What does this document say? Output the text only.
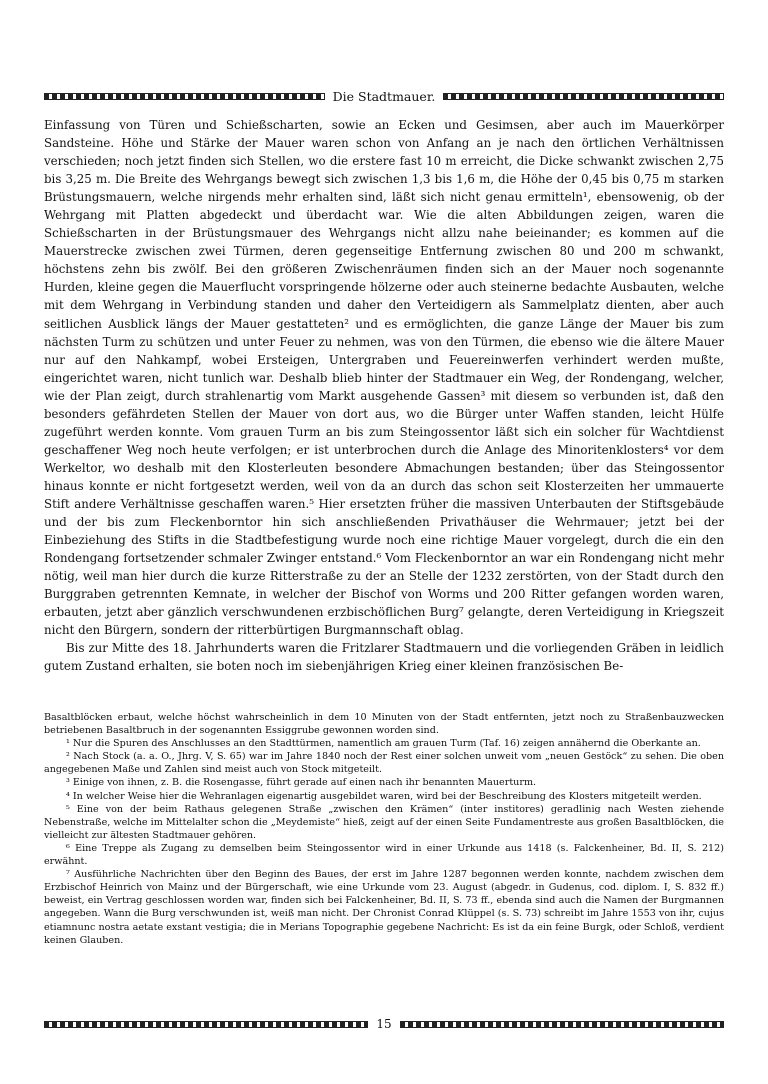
Die Stadtmauer.

Einfassung von Türen und Schießscharten, sowie an Ecken und Gesimsen, aber auch im Mauerkörper Sandsteine. Höhe und Stärke der Mauer waren schon von Anfang an je nach den örtlichen Verhältnissen verschieden; noch jetzt finden sich Stellen, wo die erstere fast 10 m erreicht, die Dicke schwankt zwischen 2,75 bis 3,25 m. Die Breite des Wehrgangs bewegt sich zwischen 1,3 bis 1,6 m, die Höhe der 0,45 bis 0,75 m starken Brüstungsmauern, welche nirgends mehr erhalten sind, läßt sich nicht genau ermitteln¹, ebensowenig, ob der Wehrgang mit Platten abgedeckt und überdacht war. Wie die alten Abbildungen zeigen, waren die Schießscharten in der Brüstungsmauer des Wehrgangs nicht allzu nahe beieinander; es kommen auf die Mauerstrecke zwischen zwei Türmen, deren gegenseitige Entfernung zwischen 80 und 200 m schwankt, höchstens zehn bis zwölf. Bei den größeren Zwischenräumen finden sich an der Mauer noch sogenannte Hurden, kleine gegen die Mauerflucht vorspringende hölzerne oder auch steinerne bedachte Ausbauten, welche mit dem Wehrgang in Verbindung standen und daher den Verteidigern als Sammelplatz dienten, aber auch seitlichen Ausblick längs der Mauer gestatteten² und es ermöglichten, die ganze Länge der Mauer bis zum nächsten Turm zu schützen und unter Feuer zu nehmen, was von den Türmen, die ebenso wie die ältere Mauer nur auf den Nahkampf, wobei Ersteigen, Untergraben und Feuereinwerfen verhindert werden mußte, eingerichtet waren, nicht tunlich war. Deshalb blieb hinter der Stadtmauer ein Weg, der Rondengang, welcher, wie der Plan zeigt, durch strahlenartig vom Markt ausgehende Gassen³ mit diesem so verbunden ist, daß den besonders gefährdeten Stellen der Mauer von dort aus, wo die Bürger unter Waffen standen, leicht Hülfe zugeführt werden konnte. Vom grauen Turm an bis zum Steingossentor läßt sich ein solcher für Wachtdienst geschaffener Weg noch heute verfolgen; er ist unterbrochen durch die Anlage des Minoritenklosters⁴ vor dem Werkeltor, wo deshalb mit den Klosterleuten besondere Abmachungen bestanden; über das Steingossentor hinaus konnte er nicht fortgesetzt werden, weil von da an durch das schon seit Klosterzeiten her ummauerte Stift andere Verhältnisse geschaffen waren.⁵ Hier ersetzten früher die massiven Unterbauten der Stiftsgebäude und der bis zum Fleckenborntor hin sich anschließenden Privathäuser die Wehrmauer; jetzt bei der Einbeziehung des Stifts in die Stadtbefestigung wurde noch eine richtige Mauer vorgelegt, durch die ein den Rondengang fortsetzender schmaler Zwinger entstand.⁶ Vom Fleckenborntor an war ein Rondengang nicht mehr nötig, weil man hier durch die kurze Ritterstraße zu der an Stelle der 1232 zerstörten, von der Stadt durch den Burggraben getrennten Kemnate, in welcher der Bischof von Worms und 200 Ritter gefangen worden waren, erbauten, jetzt aber gänzlich verschwundenen erzbischöflichen Burg⁷ gelangte, deren Verteidigung in Kriegszeit nicht den Bürgern, sondern der ritterbürtigen Burgmannschaft oblag.

Bis zur Mitte des 18. Jahrhunderts waren die Fritzlarer Stadtmauern und die vorliegenden Gräben in leidlich gutem Zustand erhalten, sie boten noch im siebenjährigen Krieg einer kleinen französischen Be-

Basaltblöcken erbaut, welche höchst wahrscheinlich in dem 10 Minuten von der Stadt entfernten, jetzt noch zu Straßenbauzwecken betriebenen Basaltbruch in der sogenannten Essiggrube gewonnen worden sind.

¹ Nur die Spuren des Anschlusses an den Stadttürmen, namentlich am grauen Turm (Taf. 16) zeigen annähernd die Oberkante an.

² Nach Stock (a. a. O., Jhrg. V, S. 65) war im Jahre 1840 noch der Rest einer solchen unweit vom „neuen Gestöck“ zu sehen. Die oben angegebenen Maße und Zahlen sind meist auch von Stock mitgeteilt.

³ Einige von ihnen, z. B. die Rosengasse, führt gerade auf einen nach ihr benannten Mauerturm.

⁴ In welcher Weise hier die Wehranlagen eigenartig ausgebildet waren, wird bei der Beschreibung des Klosters mitgeteilt werden.

⁵ Eine von der beim Rathaus gelegenen Straße „zwischen den Krämen“ (inter institores) geradlinig nach Westen ziehende Nebenstraße, welche im Mittelalter schon die „Meydemiste“ hieß, zeigt auf der einen Seite Fundamentreste aus großen Basaltblöcken, die vielleicht zur ältesten Stadtmauer gehören.

⁶ Eine Treppe als Zugang zu demselben beim Steingossentor wird in einer Urkunde aus 1418 (s. Falckenheiner, Bd. II, S. 212) erwähnt.

⁷ Ausführliche Nachrichten über den Beginn des Baues, der erst im Jahre 1287 begonnen werden konnte, nachdem zwischen dem Erzbischof Heinrich von Mainz und der Bürgerschaft, wie eine Urkunde vom 23. August (abgedr. in Gudenus, cod. diplom. I, S. 832 ff.) beweist, ein Vertrag geschlossen worden war, finden sich bei Falckenheiner, Bd. II, S. 73 ff., ebenda sind auch die Namen der Burgmannen angegeben. Wann die Burg verschwunden ist, weiß man nicht. Der Chronist Conrad Klüppel (s. S. 73) schreibt im Jahre 1553 von ihr, cujus etiamnunc nostra aetate exstant vestigia; die in Merians Topographie gegebene Nachricht: Es ist da ein feine Burgk, oder Schloß, verdient keinen Glauben.

15
